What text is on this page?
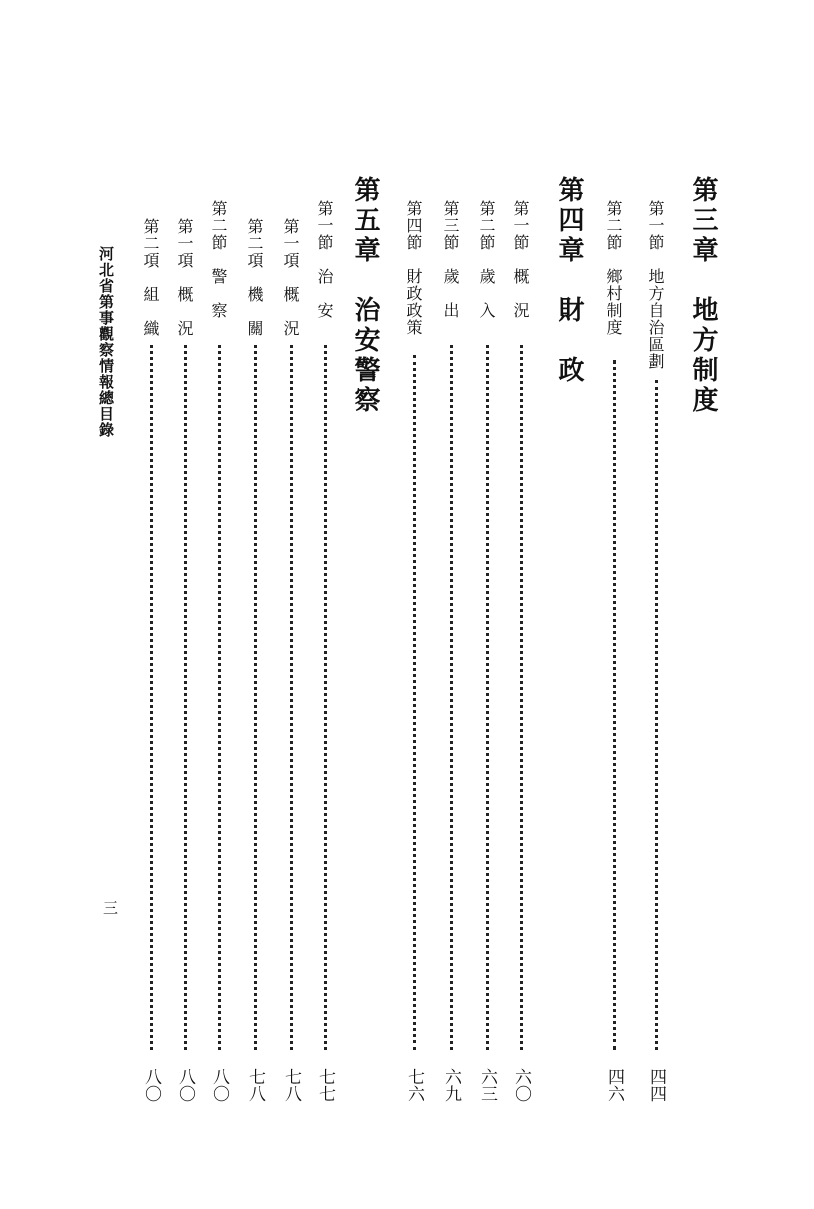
第三章　地方制度
第一節　地方自治區劃
四四
第二節　鄉村制度
四六
第四章　財　政
第一節　概　況
六〇
第二節　歲　入
六三
第三節　歲　出
六九
第四節　財政政策
七六
第五章　治安警察
第一節　治　安
七七
第一項　概　況
七八
第二項　機　關
七八
第二節　警　察
八〇
第一項　概　況
八〇
第二項　組　織
八〇
河北省第事觀察情報總目錄
三
